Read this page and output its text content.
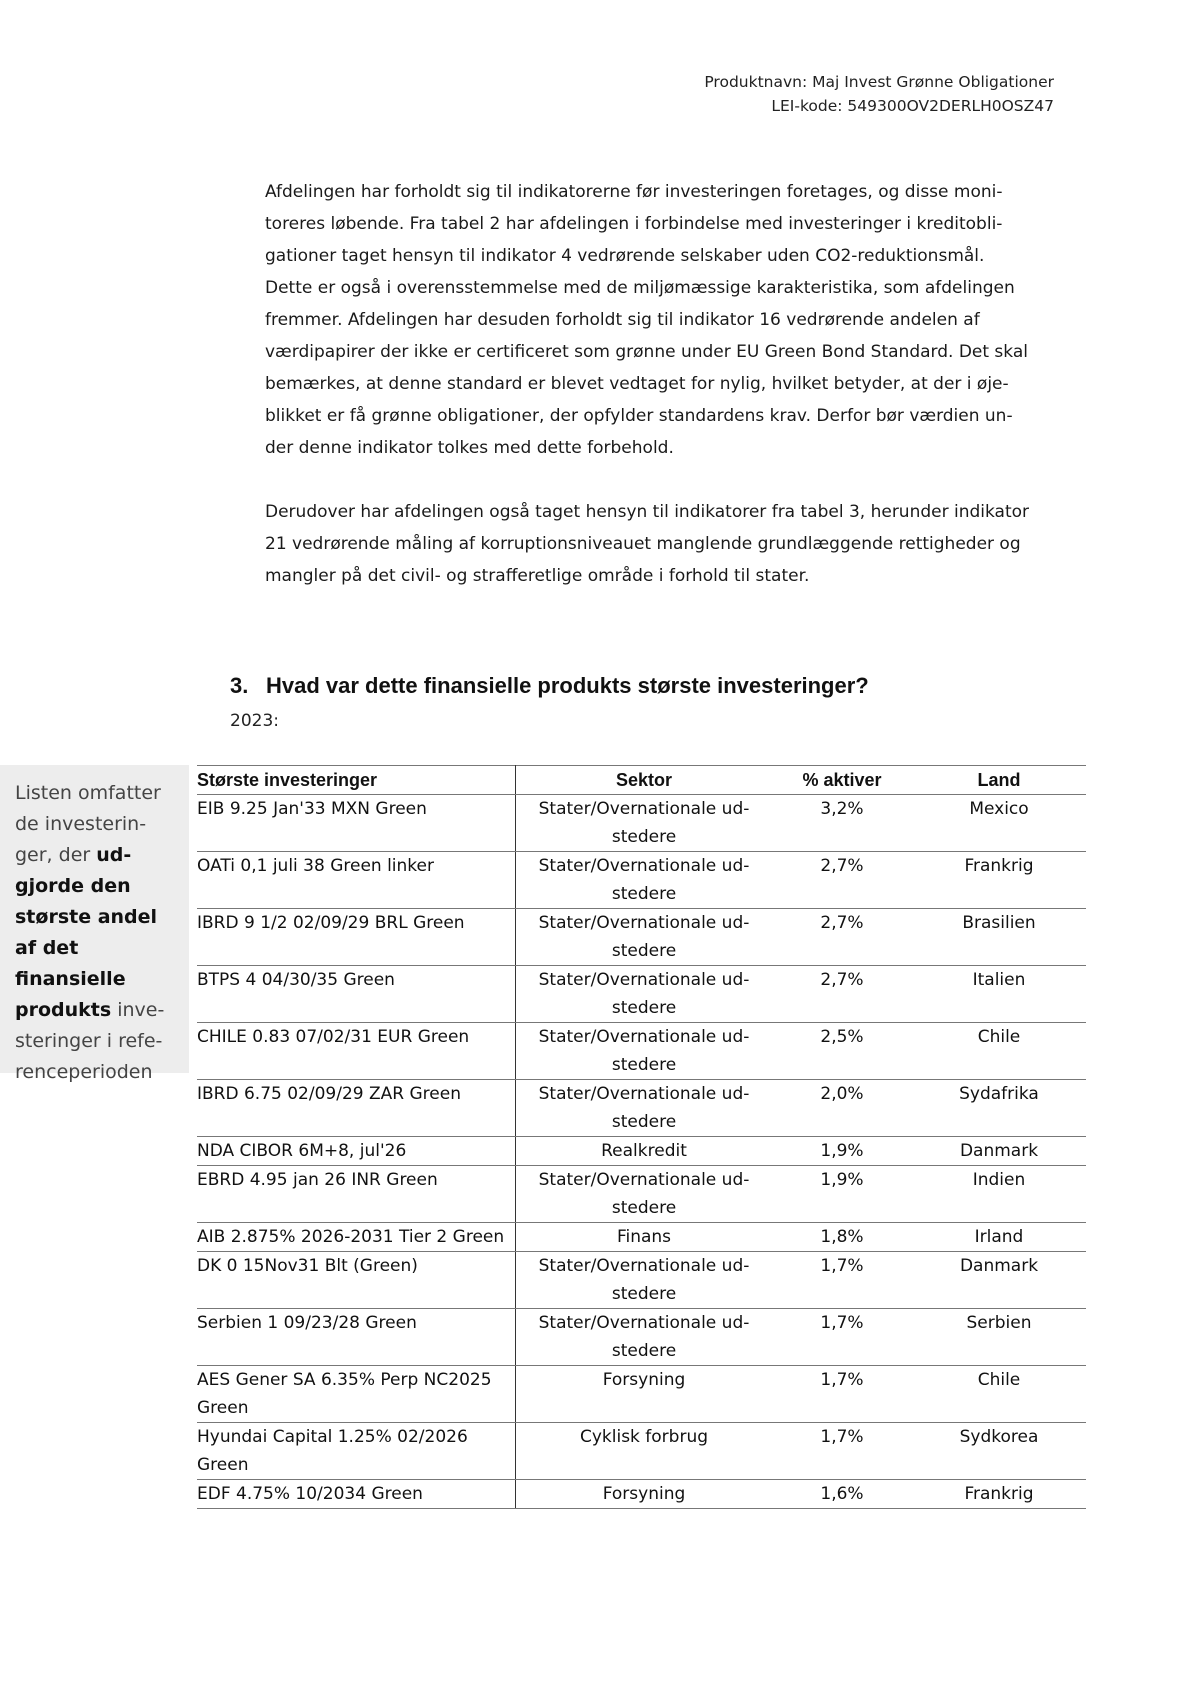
Produktnavn: Maj Invest Grønne Obligationer
LEI-kode: 549300OV2DERLH0OSZ47

Afdelingen har forholdt sig til indikatorerne før investeringen foretages, og disse moni-

toreres løbende. Fra tabel 2 har afdelingen i forbindelse med investeringer i kreditobli-

gationer taget hensyn til indikator 4 vedrørende selskaber uden CO2-reduktionsmål.

Dette er også i overensstemmelse med de miljømæssige karakteristika, som afdelingen

fremmer. Afdelingen har desuden forholdt sig til indikator 16 vedrørende andelen af

værdipapirer der ikke er certificeret som grønne under EU Green Bond Standard. Det skal

bemærkes, at denne standard er blevet vedtaget for nylig, hvilket betyder, at der i øje-

blikket er få grønne obligationer, der opfylder standardens krav. Derfor bør værdien un-

der denne indikator tolkes med dette forbehold.

Derudover har afdelingen også taget hensyn til indikatorer fra tabel 3, herunder indikator

21 vedrørende måling af korruptionsniveauet manglende grundlæggende rettigheder og

mangler på det civil- og strafferetlige område i forhold til stater.

3. Hvad var dette finansielle produkts største investeringer?
2023:
Listen omfatter de investerin-ger, der ud-gjorde den største andel af det finansielle produkts inve-steringer i refe-renceperioden
Største investeringer	Sektor	% aktiver	Land
EIB 9.25 Jan'33 MXN Green	Stater/Overnationale ud-stedere	3,2%	Mexico
OATi 0,1 juli 38 Green linker	Stater/Overnationale ud-stedere	2,7%	Frankrig
IBRD 9 1/2 02/09/29 BRL Green	Stater/Overnationale ud-stedere	2,7%	Brasilien
BTPS 4 04/30/35 Green	Stater/Overnationale ud-stedere	2,7%	Italien
CHILE 0.83 07/02/31 EUR Green	Stater/Overnationale ud-stedere	2,5%	Chile
IBRD 6.75 02/09/29 ZAR Green	Stater/Overnationale ud-stedere	2,0%	Sydafrika
NDA CIBOR 6M+8, jul'26	Realkredit	1,9%	Danmark
EBRD 4.95 jan 26 INR Green	Stater/Overnationale ud-stedere	1,9%	Indien
AIB 2.875% 2026-2031 Tier 2 Green	Finans	1,8%	Irland
DK 0 15Nov31 Blt (Green)	Stater/Overnationale ud-stedere	1,7%	Danmark
Serbien 1 09/23/28 Green	Stater/Overnationale ud-stedere	1,7%	Serbien
AES Gener SA 6.35% Perp NC2025 Green	Forsyning	1,7%	Chile
Hyundai Capital 1.25% 02/2026 Green	Cyklisk forbrug	1,7%	Sydkorea
EDF 4.75% 10/2034 Green	Forsyning	1,6%	Frankrig
